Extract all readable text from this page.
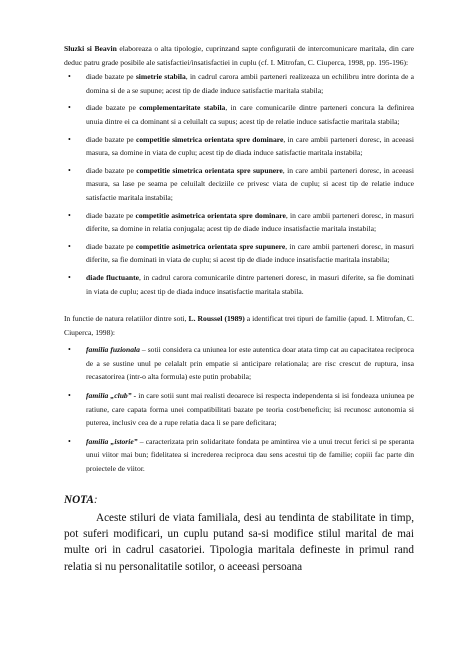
Sluzki si Beavin elaboreaza o alta tipologie, cuprinzand sapte configuratii de intercomunicare maritala, din care deduc patru grade posibile ale satisfactiei/insatisfactiei in cuplu (cf. I. Mitrofan, C. Ciuperca, 1998, pp. 195-196):

• diade bazate pe simetrie stabila, in cadrul carora ambii parteneri realizeaza un echilibru intre dorinta de a domina si de a se supune; acest tip de diade induce satisfactie maritala stabila;
• diade bazate pe complementaritate stabila, in care comunicarile dintre parteneri concura la definirea unuia dintre ei ca dominant si a celuilalt ca supus; acest tip de relatie induce satisfactie maritala stabila;
• diade bazate pe competitie simetrica orientata spre dominare, in care ambii parteneri doresc, in aceeasi masura, sa domine in viata de cuplu; acest tip de diada induce satisfactie maritala instabila;
• diade bazate pe competitie simetrica orientata spre supunere, in care ambii parteneri doresc, in aceeasi masura, sa lase pe seama pe celuilalt deciziile ce privesc viata de cuplu; si acest tip de relatie induce satisfactie maritala instabila;
• diade bazate pe competitie asimetrica orientata spre dominare, in care ambii parteneri doresc, in masuri diferite, sa domine in relatia conjugala; acest tip de diade induce insatisfactie maritala instabila;
• diade bazate pe competitie asimetrica orientata spre supunere, in care ambii parteneri doresc, in masuri diferite, sa fie dominati in viata de cuplu; si acest tip de diade induce insatisfactie maritala instabila;
• diade fluctuante, in cadrul carora comunicarile dintre parteneri doresc, in masuri diferite, sa fie dominati in viata de cuplu; acest tip de diada induce insatisfactie maritala stabila.

In functie de natura relatiilor dintre soti, L. Roussel (1989) a identificat trei tipuri de familie (apud. I. Mitrofan, C. Ciuperca, 1998):

• familia fuzionala – sotii considera ca uniunea lor este autentica doar atata timp cat au capacitatea reciproca de a se sustine unul pe celalalt prin empatie si anticipare relationala; are risc crescut de ruptura, insa recasatorirea (intr-o alta formula) este putin probabila;
• familia „club” - in care sotii sunt mai realisti deoarece isi respecta independenta si isi fondeaza uniunea pe ratiune, care capata forma unei compatibilitati bazate pe teoria cost/beneficiu; isi recunosc autonomia si puterea, inclusiv cea de a rupe relatia daca li se pare deficitara;
• familia „istorie” – caracterizata prin solidaritate fondata pe amintirea vie a unui trecut ferici si pe speranta unui viitor mai bun; fidelitatea si increderea reciproca dau sens acestui tip de familie; copiii fac parte din proiectele de viitor.

NOTA:

Aceste stiluri de viata familiala, desi au tendinta de stabilitate in timp, pot suferi modificari, un cuplu putand sa-si modifice stilul marital de mai multe ori in cadrul casatoriei. Tipologia maritala defineste in primul rand relatia si nu personalitatile sotilor, o aceeasi persoana
